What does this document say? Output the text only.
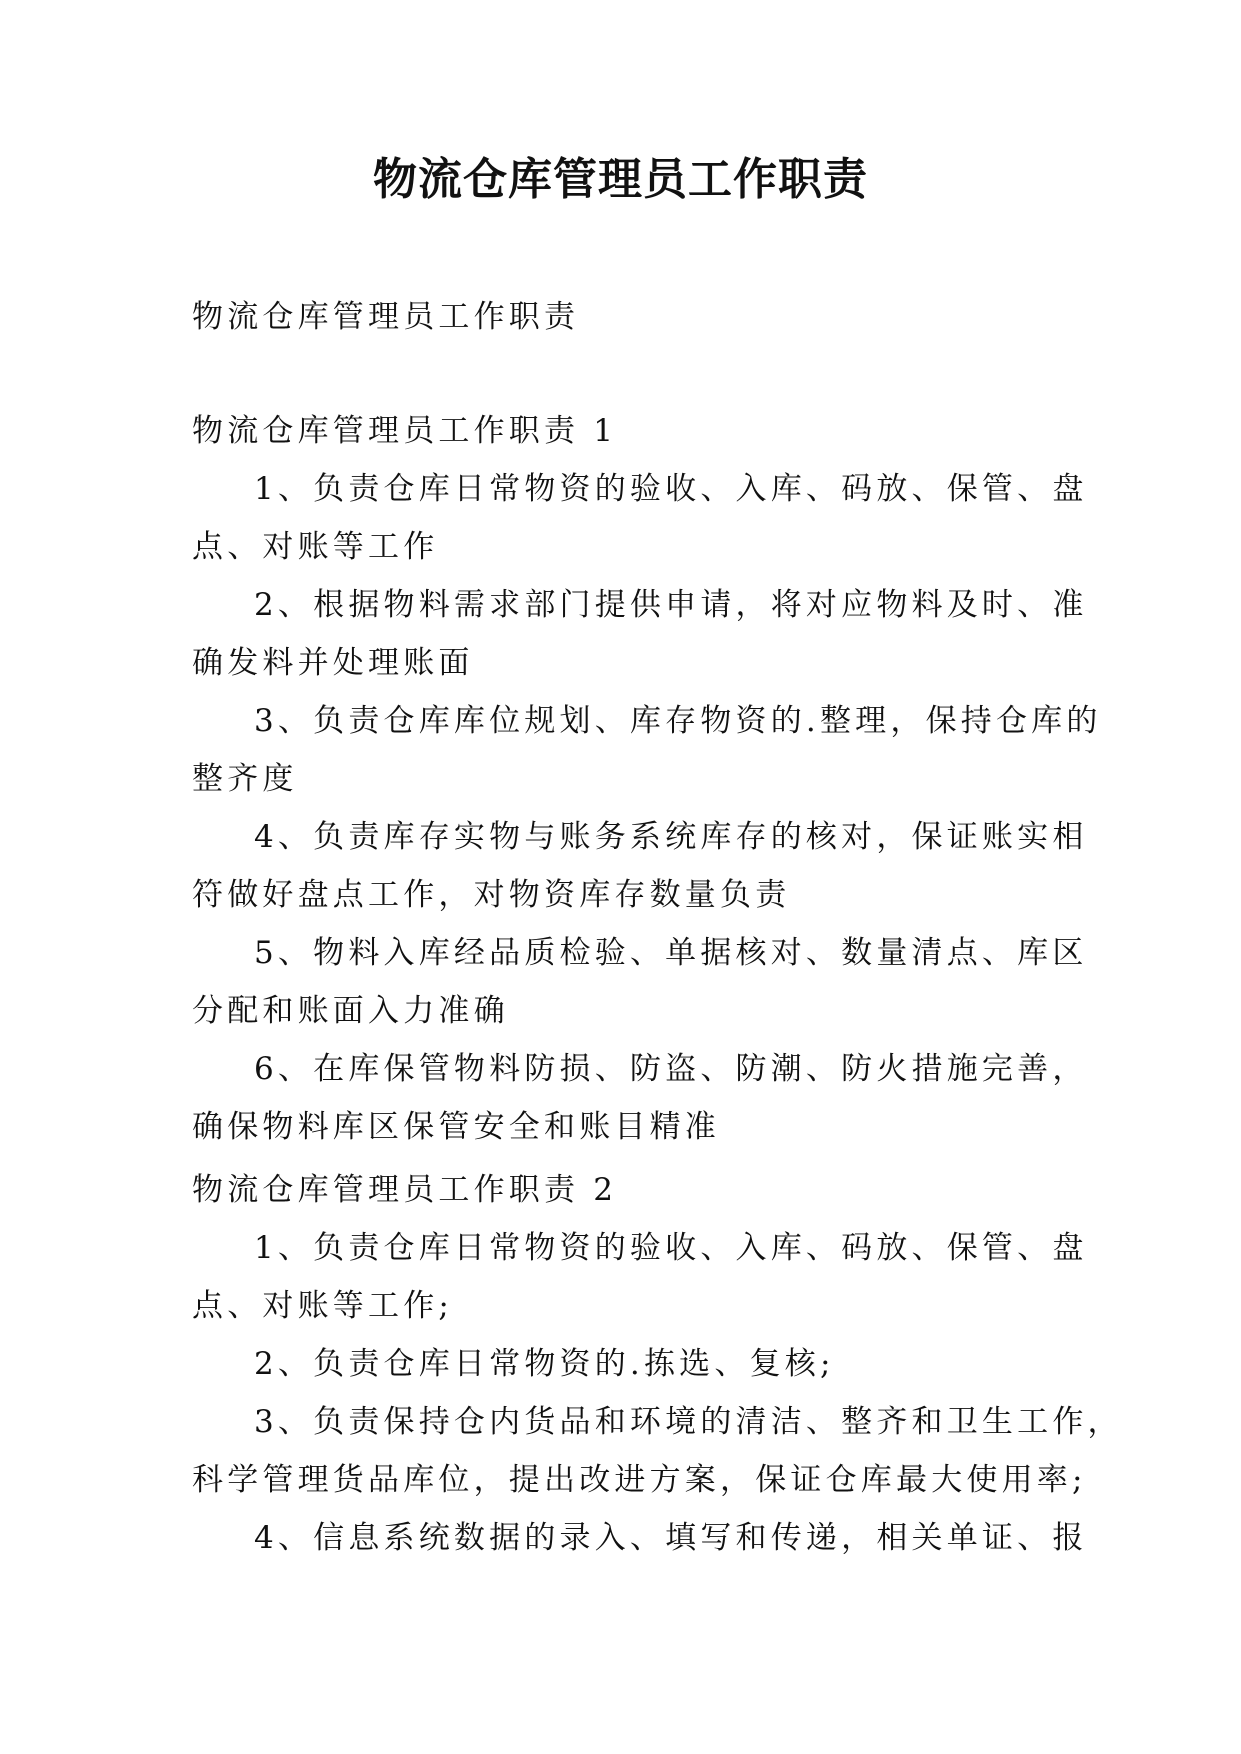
物流仓库管理员工作职责

物流仓库管理员工作职责

物流仓库管理员工作职责 1
1、负责仓库日常物资的验收、入库、码放、保管、盘
点、对账等工作
2、根据物料需求部门提供申请，将对应物料及时、准
确发料并处理账面
3、负责仓库库位规划、库存物资的.整理，保持仓库的
整齐度
4、负责库存实物与账务系统库存的核对，保证账实相
符做好盘点工作，对物资库存数量负责
5、物料入库经品质检验、单据核对、数量清点、库区
分配和账面入力准确
6、在库保管物料防损、防盗、防潮、防火措施完善，
确保物料库区保管安全和账目精准
物流仓库管理员工作职责 2
1、负责仓库日常物资的验收、入库、码放、保管、盘
点、对账等工作;
2、负责仓库日常物资的.拣选、复核;
3、负责保持仓内货品和环境的清洁、整齐和卫生工作，
科学管理货品库位，提出改进方案，保证仓库最大使用率;
4、信息系统数据的录入、填写和传递，相关单证、报
